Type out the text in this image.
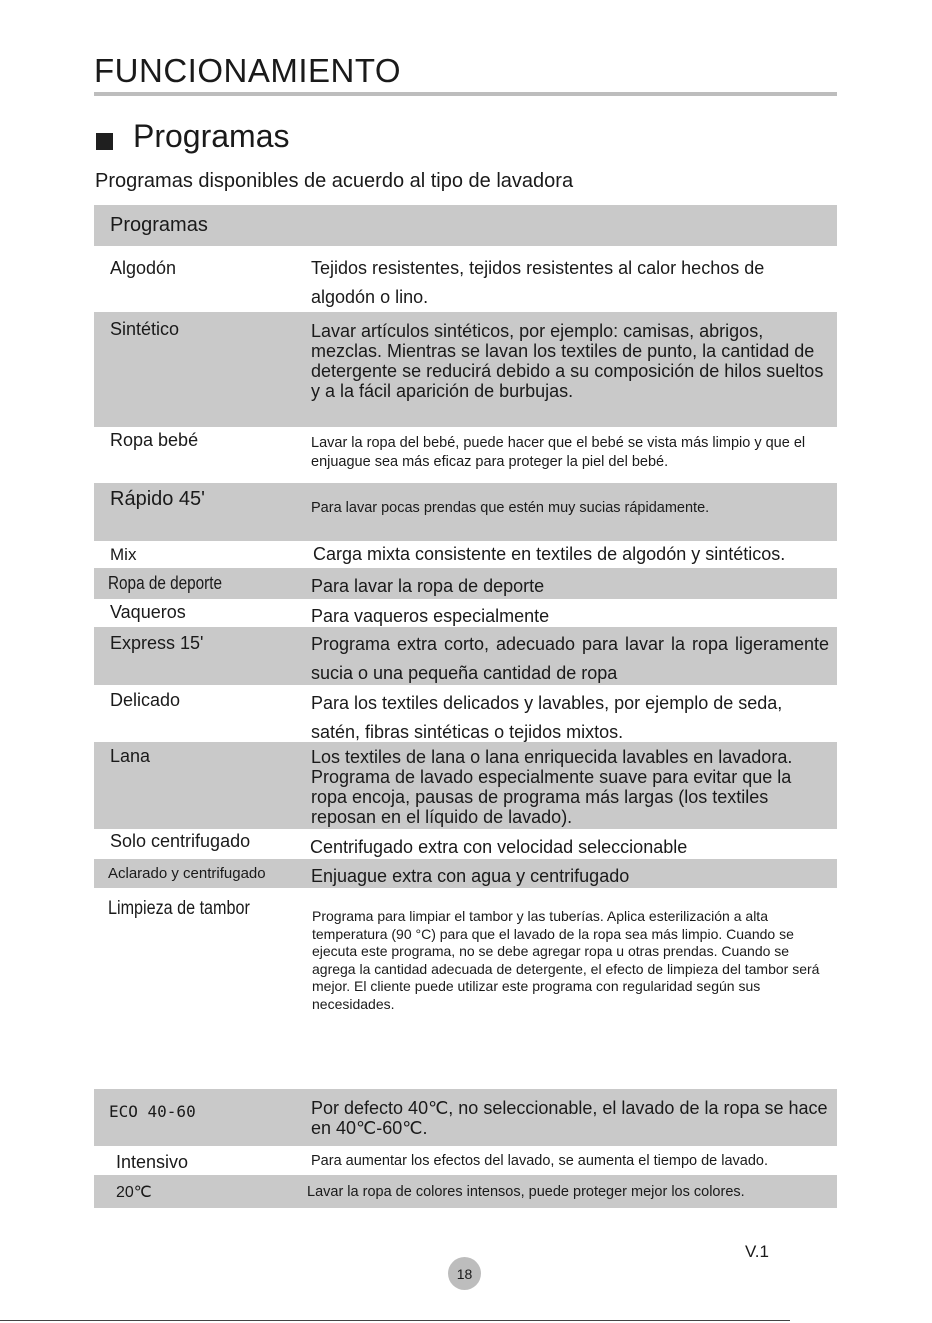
FUNCIONAMIENTO
Programas
Programas disponibles de acuerdo al tipo de lavadora
Programas
Algodón	Tejidos resistentes, tejidos resistentes al calor hechos de algodón o lino.
Sintético	Lavar artículos sintéticos, por ejemplo: camisas, abrigos, mezclas. Mientras se lavan los textiles de punto, la cantidad de detergente se reducirá debido a su composición de hilos sueltos y a la fácil aparición de burbujas.
Ropa bebé	Lavar la ropa del bebé, puede hacer que el bebé se vista más limpio y que el enjuague sea más eficaz para proteger la piel del bebé.
Rápido 45'	Para lavar pocas prendas que estén muy sucias rápidamente.
Mix	Carga mixta consistente en textiles de algodón y sintéticos.
Ropa de deporte	Para lavar la ropa de deporte
Vaqueros	Para vaqueros especialmente
Express 15'	Programa extra corto, adecuado para lavar la ropa ligeramente sucia o una pequeña cantidad de ropa
Delicado	Para los textiles delicados y lavables, por ejemplo de seda, satén, fibras sintéticas o tejidos mixtos.
Lana	Los textiles de lana o lana enriquecida lavables en lavadora. Programa de lavado especialmente suave para evitar que la ropa encoja, pausas de programa más largas (los textiles reposan en el líquido de lavado).
Solo centrifugado	Centrifugado extra con velocidad seleccionable
Aclarado y centrifugado	Enjuague extra con agua y centrifugado
Limpieza de tambor	Programa para limpiar el tambor y las tuberías. Aplica esterilización a alta temperatura (90 °C) para que el lavado de la ropa sea más limpio. Cuando se ejecuta este programa, no se debe agregar ropa u otras prendas. Cuando se agrega la cantidad adecuada de detergente, el efecto de limpieza del tambor será mejor. El cliente puede utilizar este programa con regularidad según sus necesidades.
ECO 40-60	Por defecto 40℃, no seleccionable, el lavado de la ropa se hace en 40℃-60℃.
Intensivo	Para aumentar los efectos del lavado, se aumenta el tiempo de lavado.
20℃	Lavar la ropa de colores intensos, puede proteger mejor los colores.
V.1
18
